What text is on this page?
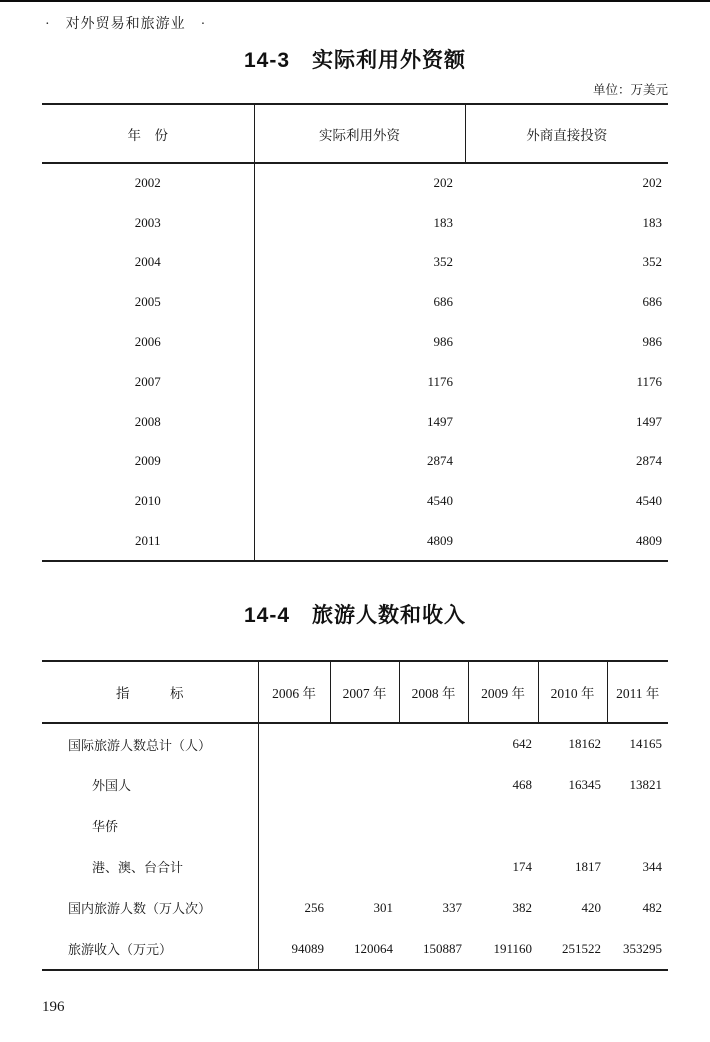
·　对外贸易和旅游业　·
14-3　实际利用外资额
单位：万美元
年　份	实际利用外资	外商直接投资
2002	202	202
2003	183	183
2004	352	352
2005	686	686
2006	986	986
2007	1176	1176
2008	1497	1497
2009	2874	2874
2010	4540	4540
2011	4809	4809
14-4　旅游人数和收入
指　　　标	2006 年	2007 年	2008 年	2009 年	2010 年	2011 年
国际旅游人数总计（人）				642	18162	14165
外国人				468	16345	13821
华侨						
港、澳、台合计				174	1817	344
国内旅游人数（万人次）	256	301	337	382	420	482
旅游收入（万元）	94089	120064	150887	191160	251522	353295
196
